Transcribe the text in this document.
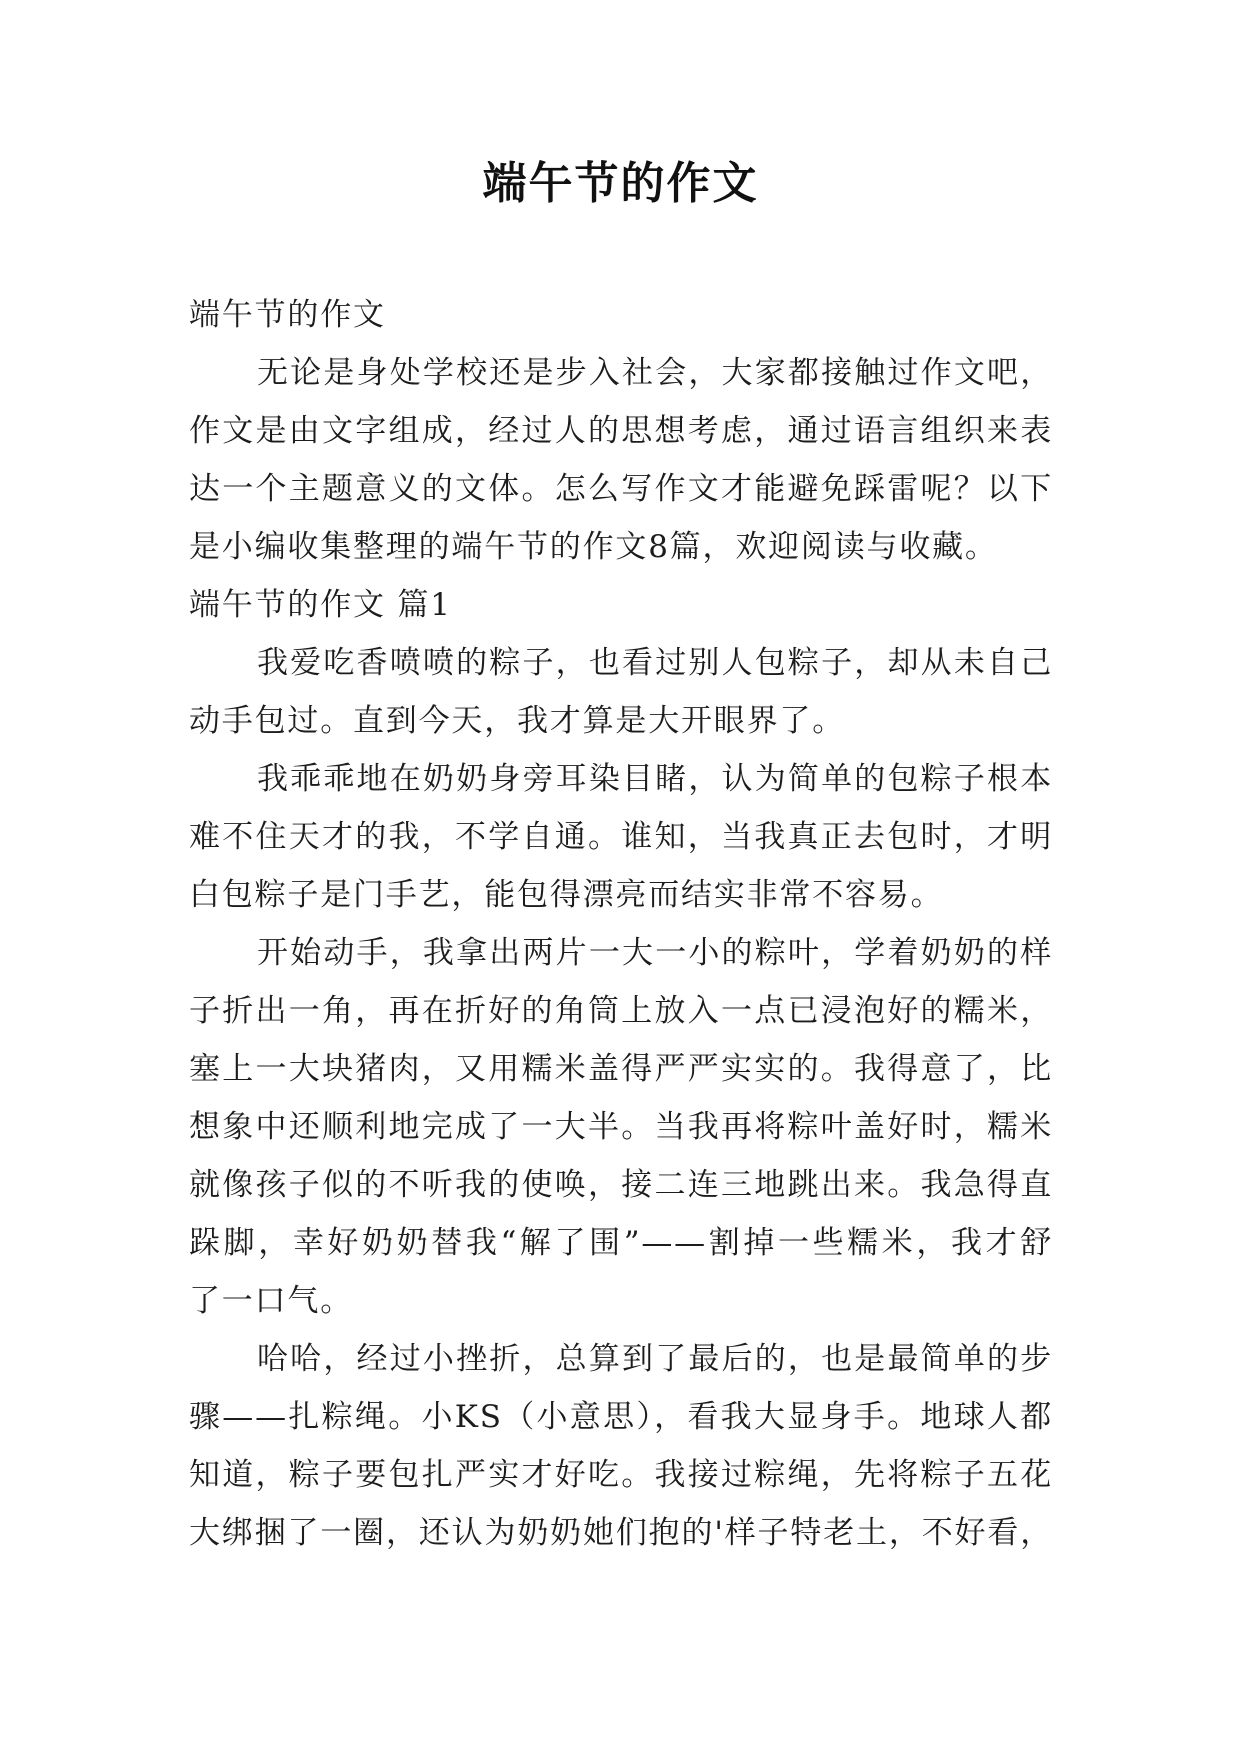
端午节的作文
端午节的作文
无论是身处学校还是步入社会，大家都接触过作文吧，
作文是由文字组成，经过人的思想考虑，通过语言组织来表
达一个主题意义的文体。怎么写作文才能避免踩雷呢？以下
是小编收集整理的端午节的作文8篇，欢迎阅读与收藏。
端午节的作文 篇1
我爱吃香喷喷的粽子，也看过别人包粽子，却从未自己
动手包过。直到今天，我才算是大开眼界了。
我乖乖地在奶奶身旁耳染目睹，认为简单的包粽子根本
难不住天才的我，不学自通。谁知，当我真正去包时，才明
白包粽子是门手艺，能包得漂亮而结实非常不容易。
开始动手，我拿出两片一大一小的粽叶，学着奶奶的样
子折出一角，再在折好的角筒上放入一点已浸泡好的糯米，
塞上一大块猪肉，又用糯米盖得严严实实的。我得意了，比
想象中还顺利地完成了一大半。当我再将粽叶盖好时，糯米
就像孩子似的不听我的使唤，接二连三地跳出来。我急得直
跺脚，幸好奶奶替我“解了围”——割掉一些糯米，我才舒
了一口气。
哈哈，经过小挫折，总算到了最后的，也是最简单的步
骤——扎粽绳。小KS（小意思），看我大显身手。地球人都
知道，粽子要包扎严实才好吃。我接过粽绳，先将粽子五花
大绑捆了一圈，还认为奶奶她们抱的'样子特老土，不好看，
